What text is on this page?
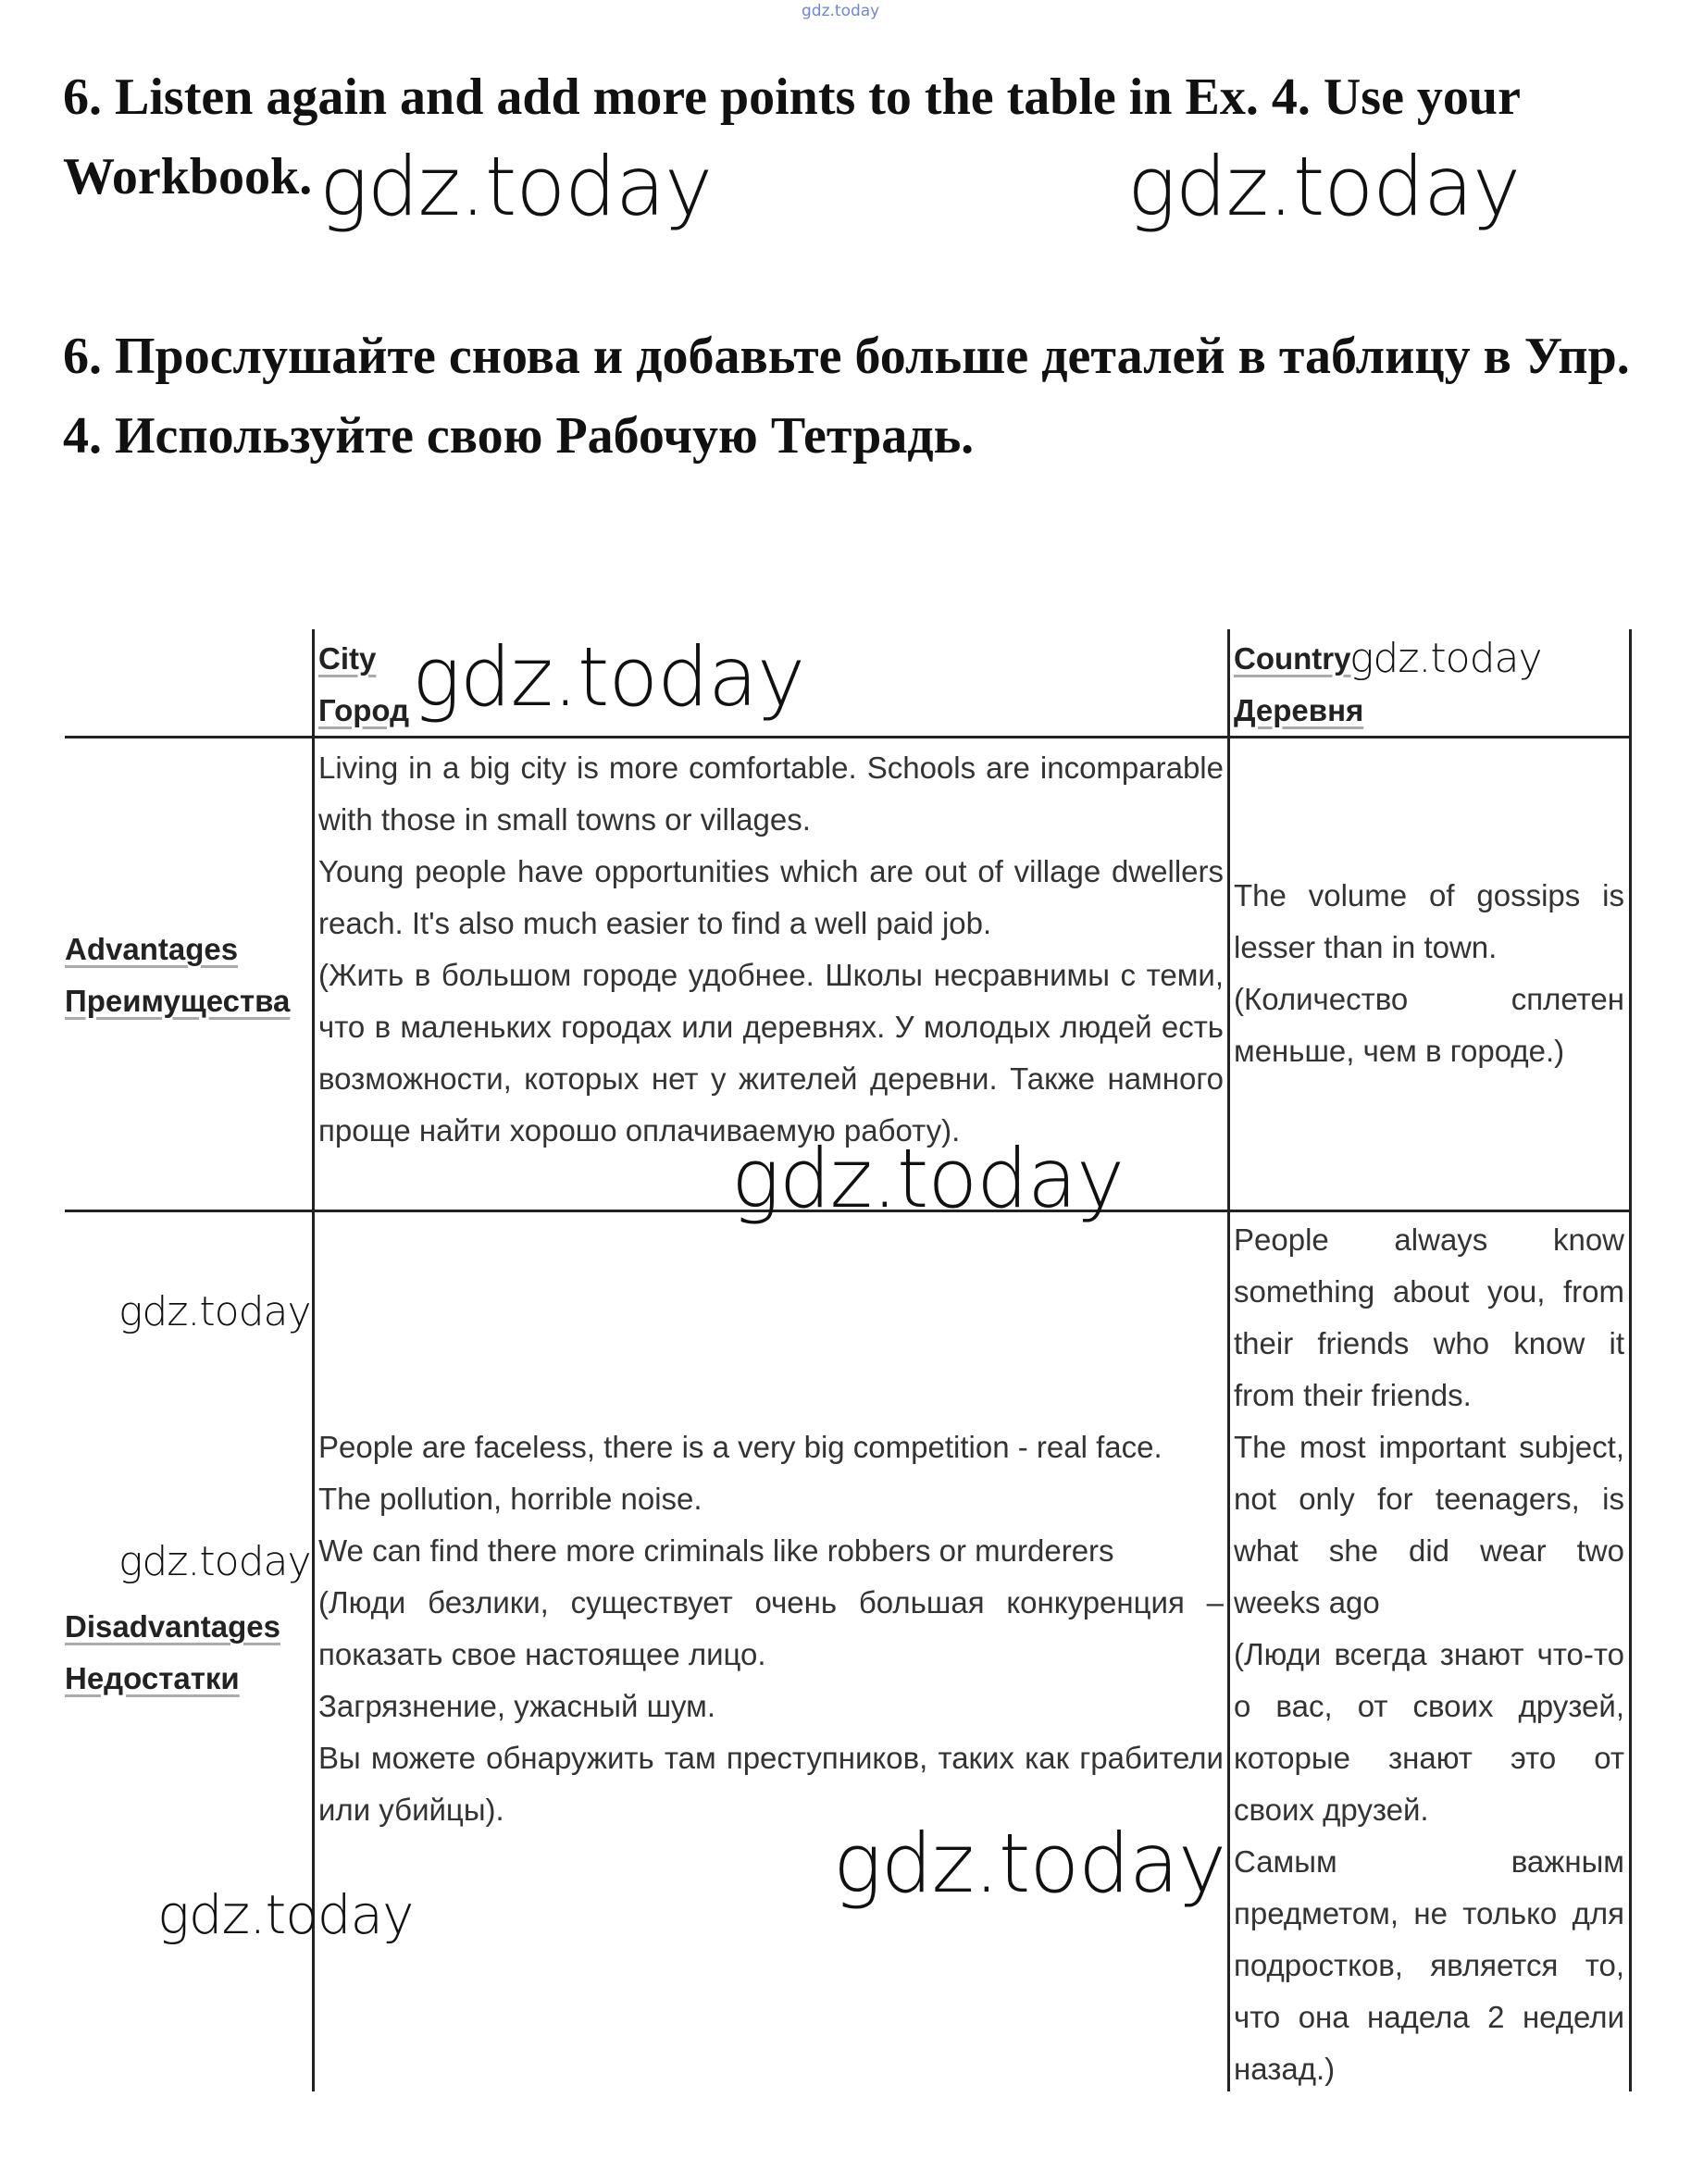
gdz.today

6. Listen again and add more points to the table in Ex. 4. Use your Workbook.

6. Прослушайте снова и добавьте больше деталей в таблицу в Упр. 4. Используйте свою Рабочую Тетрадь.

City
Город
Country
Деревня
Advantages
Преимущества
Disadvantages
Недостатки

Living in a big city is more comfortable. Schools are incomparable with those in small towns or villages.

Young people have opportunities which are out of village dwellers reach. It's also much easier to find a well paid job.

(Жить в большом городе удобнее. Школы несравнимы с теми, что в маленьких городах или деревнях. У молодых людей есть возможности, которых нет у жителей деревни. Также намного проще найти хорошо оплачиваемую работу).

The volume of gossips is lesser than in town.

(Количество сплетен меньше, чем в городе.)

People are faceless, there is a very big competition - real face.

The pollution, horrible noise.

We can find there more criminals like robbers or murderers

(Люди безлики, существует очень большая конкуренция – показать свое настоящее лицо.

Загрязнение, ужасный шум.

Вы можете обнаружить там преступников, таких как грабители или убийцы).

People always know something about you, from their friends who know it from their friends.

The most important subject, not only for teenagers, is what she did wear two weeks ago

(Люди всегда знают что-то о вас, от своих друзей, которые знают это от своих друзей.

Самым важным предметом, не только для подростков, является то, что она надела 2 недели назад.)

gdz.today	gdz.today
gdz.today	gdz.today
gdz.today
gdz.today
gdz.today
gdz.today
gdz.today
